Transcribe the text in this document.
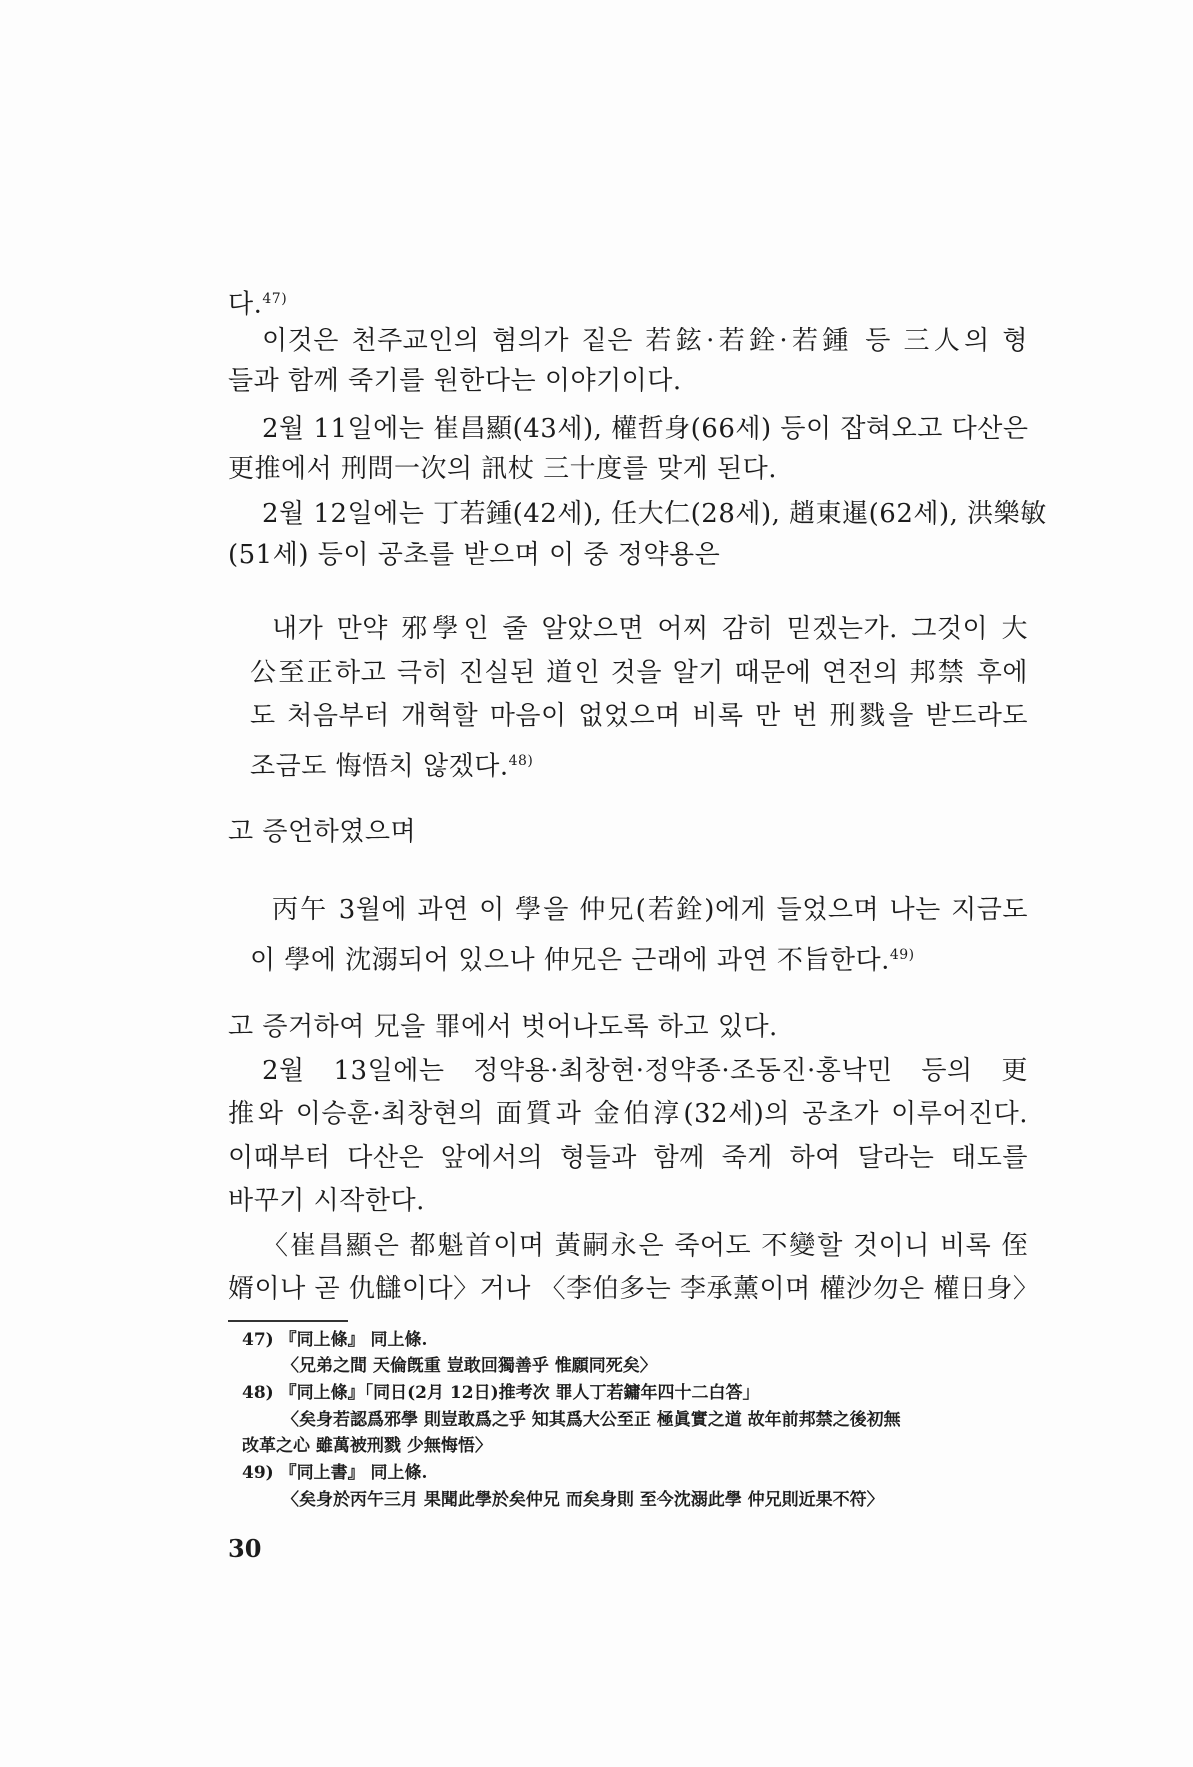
다.$^{47)}$
이것은 천주교인의 혐의가 짙은 若鉉·若銓·若鍾 등 三人의 형
들과 함께 죽기를 원한다는 이야기이다.
2월 11일에는 崔昌顯(43세), 權哲身(66세) 등이 잡혀오고 다산은
更推에서 刑問一次의 訊杖 三十度를 맞게 된다.
2월 12일에는 丁若鍾(42세), 任大仁(28세), 趙東暹(62세), 洪樂敏
(51세) 등이 공초를 받으며 이 중 정약용은
내가 만약 邪學인 줄 알았으면 어찌 감히 믿겠는가. 그것이 大
公至正하고 극히 진실된 道인 것을 알기 때문에 연전의 邦禁 후에
도 처음부터 개혁할 마음이 없었으며 비록 만 번 刑戮을 받드라도
조금도 悔悟치 않겠다.$^{48)}$
고 증언하였으며
丙午 3월에 과연 이 學을 仲兄(若銓)에게 들었으며 나는 지금도
이 學에 沈溺되어 있으나 仲兄은 근래에 과연 不旨한다.$^{49)}$
고 증거하여 兄을 罪에서 벗어나도록 하고 있다.
2월 13일에는 정약용·최창현·정약종·조동진·홍낙민 등의 更
推와 이승훈·최창현의 面質과 金伯淳(32세)의 공초가 이루어진다.
이때부터 다산은 앞에서의 형들과 함께 죽게 하여 달라는 태도를
바꾸기 시작한다.
〈崔昌顯은 都魁首이며 黃嗣永은 죽어도 不變할 것이니 비록 侄
婿이나 곧 仇讎이다〉거나 〈李伯多는 李承薰이며 權沙勿은 權日身〉
47) 『同上條』 同上條.
〈兄弟之間 天倫旣重 豈敢回獨善乎 惟願同死矣〉
48) 『同上條』「同日(2月 12日)推考次 罪人丁若鏞年四十二白答」
〈矣身若認爲邪學 則豈敢爲之乎 知其爲大公至正 極眞實之道 故年前邦禁之後初無
改革之心 雖萬被刑戮 少無悔悟〉
49) 『同上書』 同上條.
〈矣身於丙午三月 果聞此學於矣仲兄 而矣身則 至今沈溺此學 仲兄則近果不符〉
30
